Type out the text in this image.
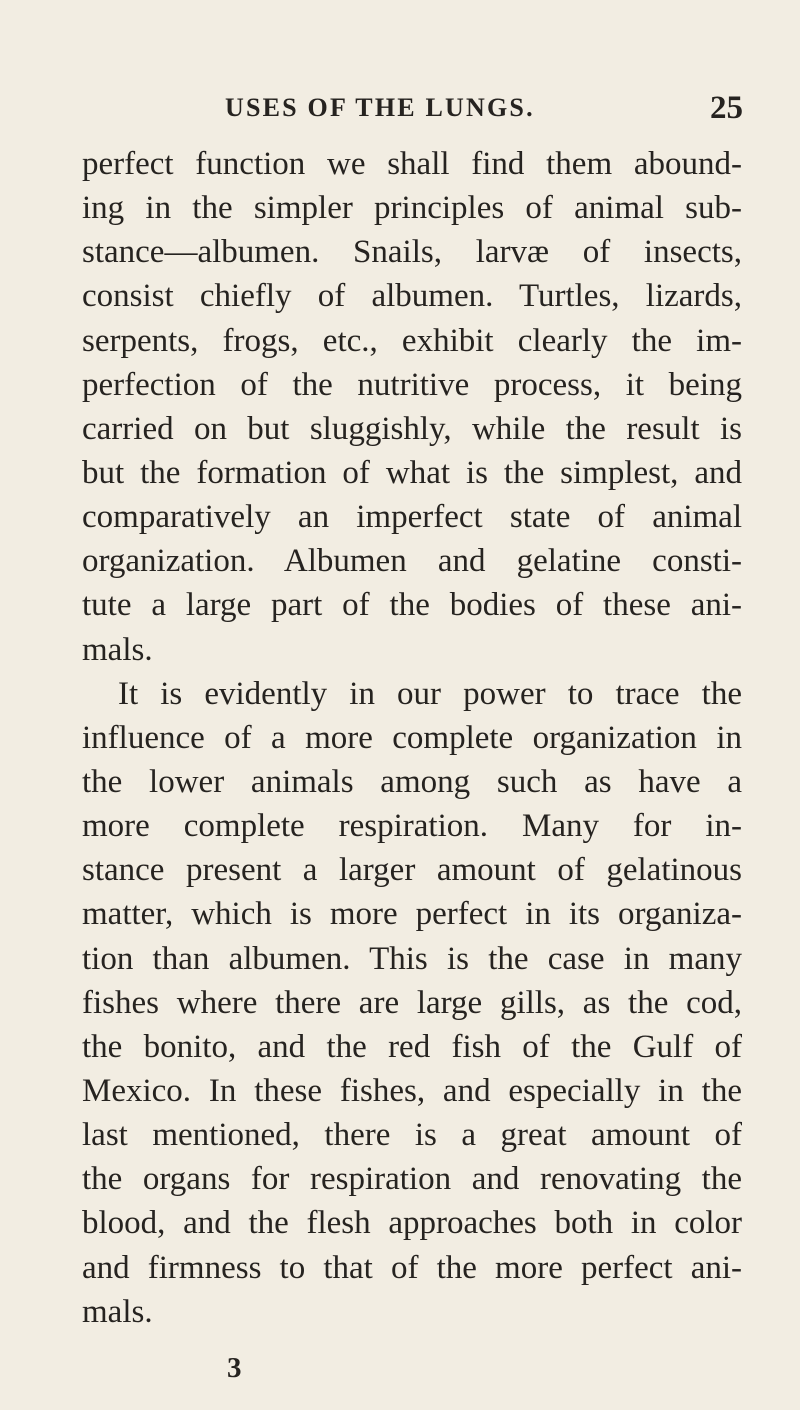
USES OF THE LUNGS.	25
perfect function we shall find them abound-
ing in the simpler principles of animal sub-
stance—albumen. Snails, larvæ of insects,
consist chiefly of albumen. Turtles, lizards,
serpents, frogs, etc., exhibit clearly the im-
perfection of the nutritive process, it being
carried on but sluggishly, while the result is
but the formation of what is the simplest, and
comparatively an imperfect state of animal
organization. Albumen and gelatine consti-
tute a large part of the bodies of these ani-
mals.
It is evidently in our power to trace the
influence of a more complete organization in
the lower animals among such as have a
more complete respiration. Many for in-
stance present a larger amount of gelatinous
matter, which is more perfect in its organiza-
tion than albumen. This is the case in many
fishes where there are large gills, as the cod,
the bonito, and the red fish of the Gulf of
Mexico. In these fishes, and especially in the
last mentioned, there is a great amount of
the organs for respiration and renovating the
blood, and the flesh approaches both in color
and firmness to that of the more perfect ani-
mals.
3
